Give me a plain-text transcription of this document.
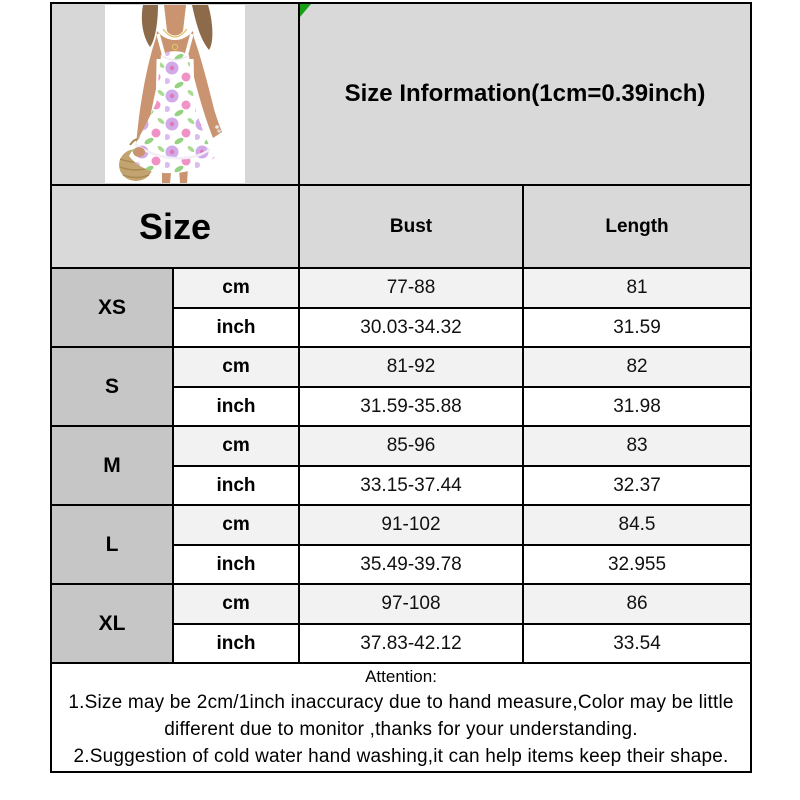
Size Information(1cm=0.39inch)	
Size		Bust	Length
XS	cm	77-88	81
	inch	30.03-34.32	31.59
S	cm	81-92	82
	inch	31.59-35.88	31.98
M	cm	85-96	83
	inch	33.15-37.44	32.37
L	cm	91-102	84.5
	inch	35.49-39.78	32.955
XL	cm	97-108	86
	inch	37.83-42.12	33.54

Attention:
1.Size may be 2cm/1inch inaccuracy due to hand measure,Color may be little different due to monitor ,thanks for your understanding.
2.Suggestion of cold water hand washing,it can help items keep their shape.			
